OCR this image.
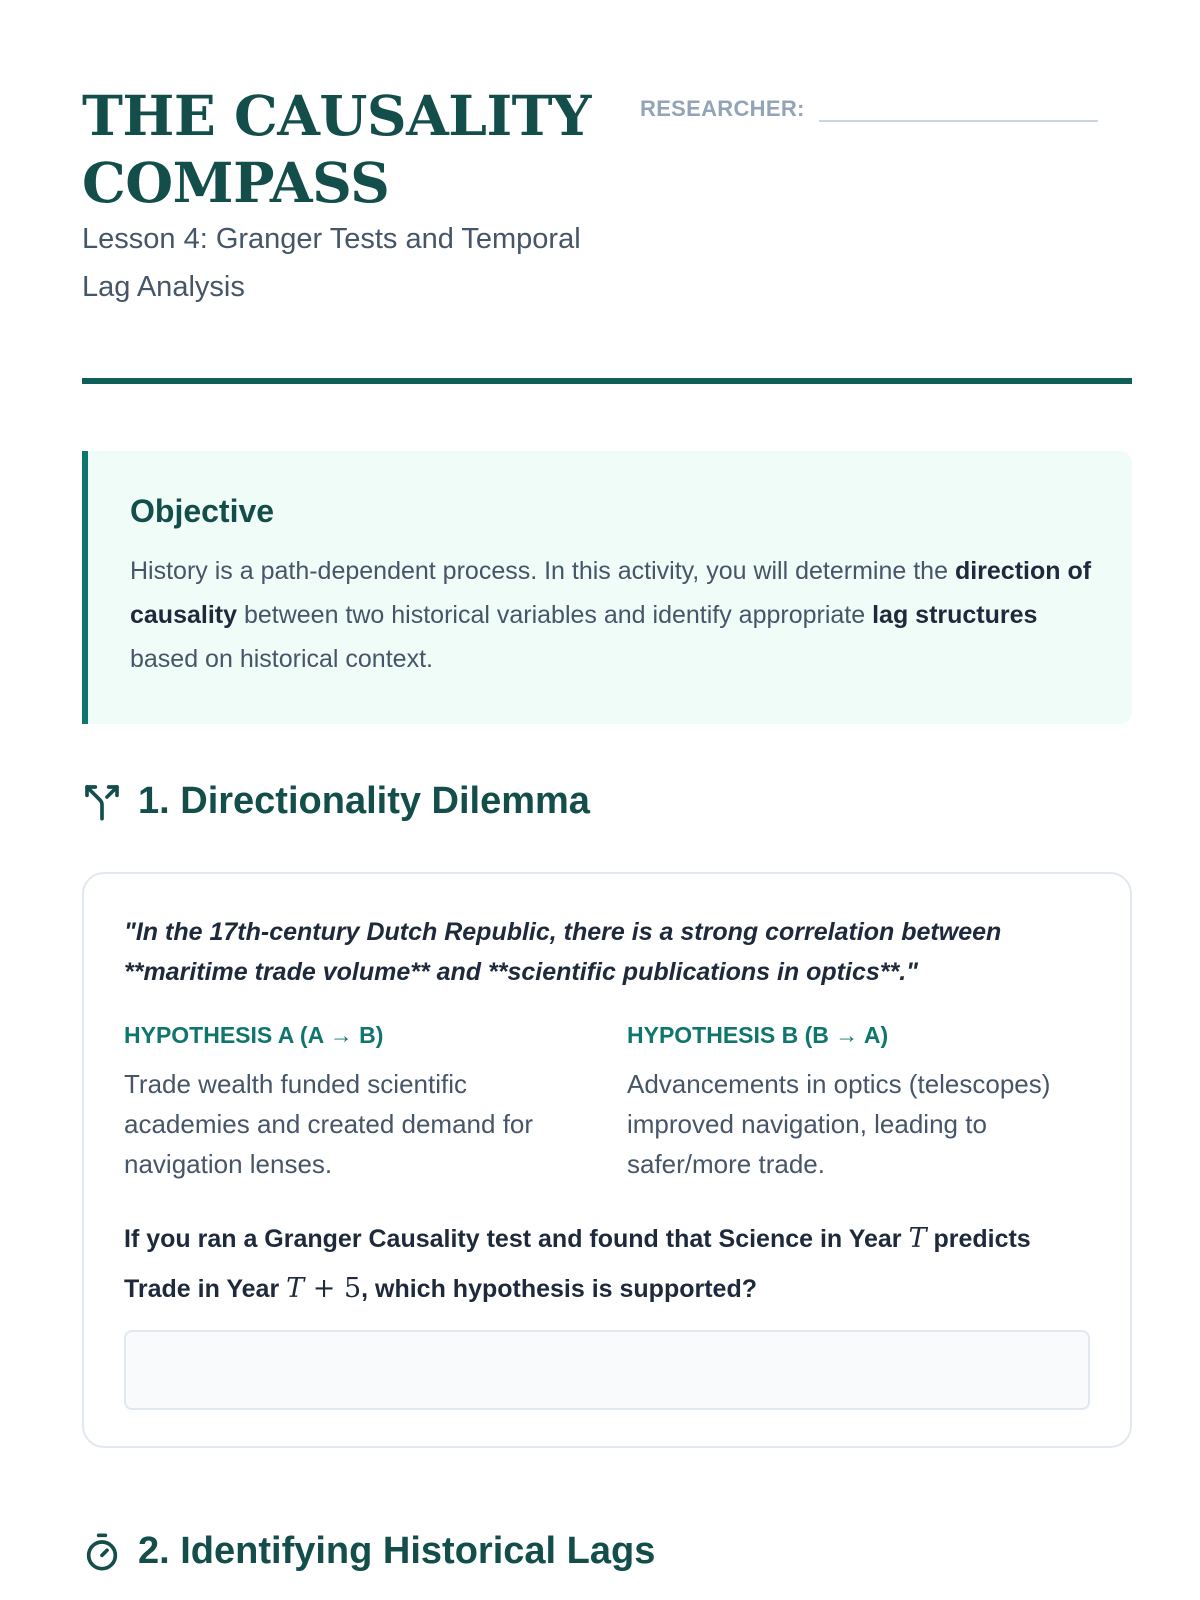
THE CAUSALITY
COMPASS
Lesson 4: Granger Tests and Temporal Lag Analysis
RESEARCHER:
Objective

History is a path-dependent process. In this activity, you will determine the direction of causality between two historical variables and identify appropriate lag structures based on historical context.

1. Directionality Dilemma
"In the 17th-century Dutch Republic, there is a strong correlation between **maritime trade volume** and **scientific publications in optics**."
HYPOTHESIS A (A → B)
Trade wealth funded scientific academies and created demand for navigation lenses.
HYPOTHESIS B (B → A)
Advancements in optics (telescopes) improved navigation, leading to safer/more trade.
If you ran a Granger Causality test and found that Science in Year T predicts Trade in Year T + 5, which hypothesis is supported?
2. Identifying Historical Lags
